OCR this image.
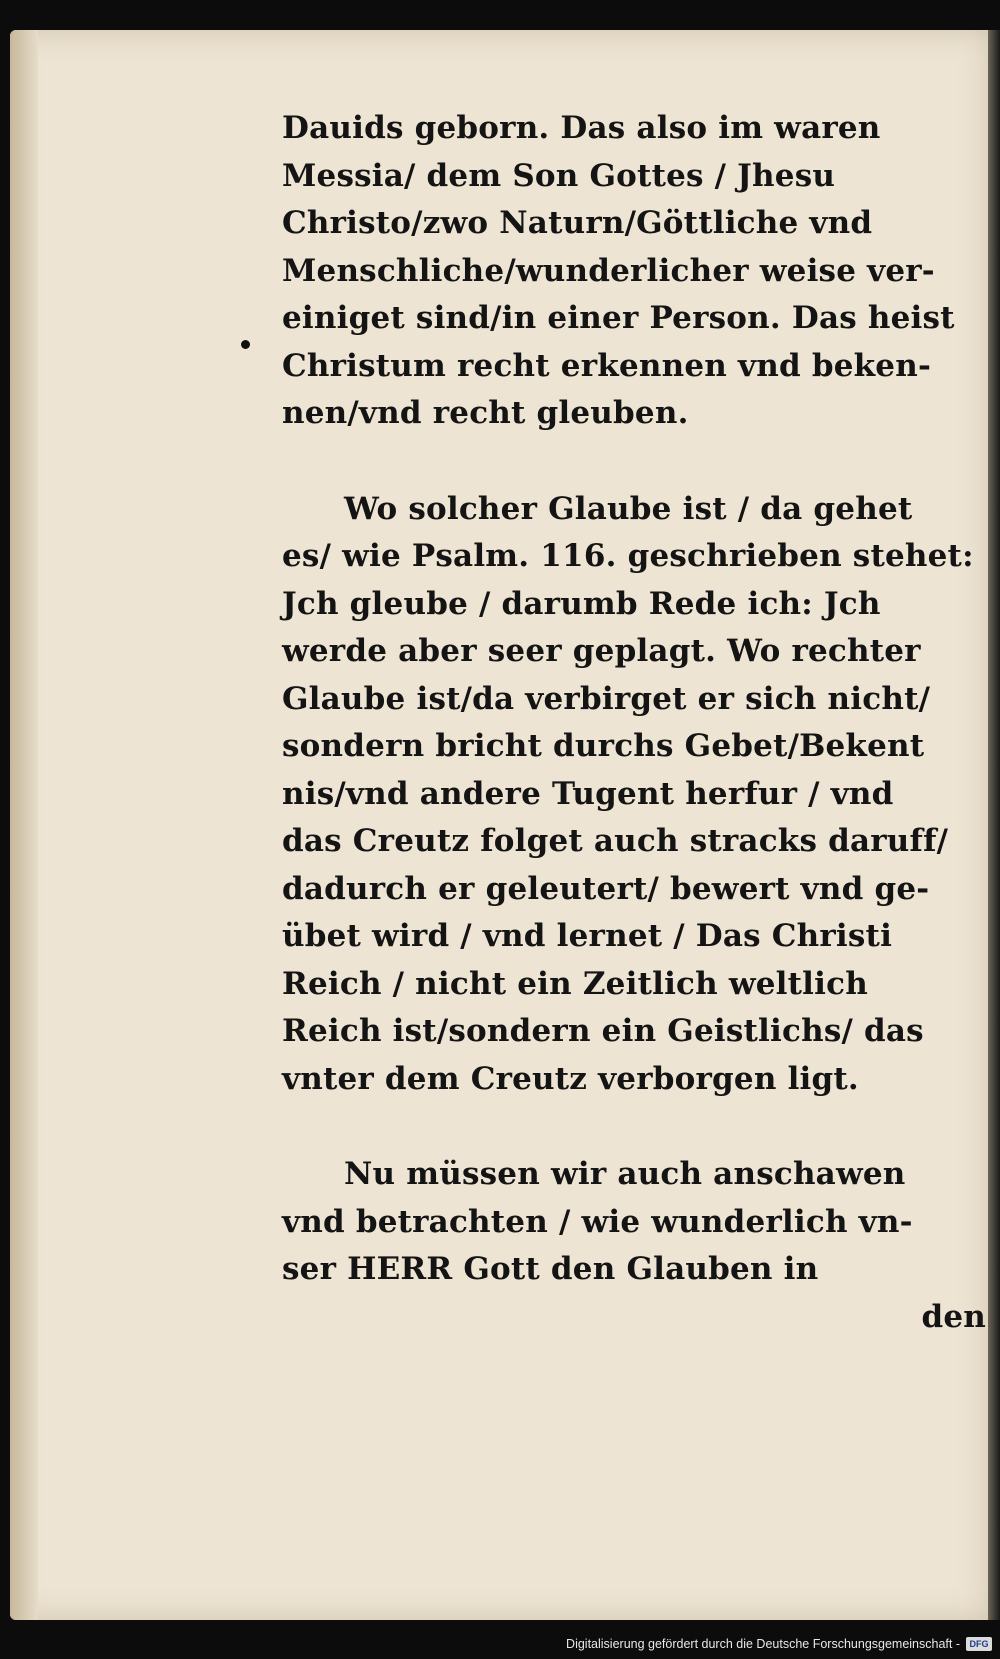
Dauids geborn. Das also im waren
Messia/ dem Son Gottes / Jhesu
Christo/zwo Naturn/Göttliche vnd
Menschliche/wunderlicher weise ver-
einiget sind/in einer Person. Das heist
Christum recht erkennen vnd beken-
nen/vnd recht gleuben.
Wo solcher Glaube ist / da gehet
es/ wie Psalm. 116. geschrieben stehet:
Jch gleube / darumb Rede ich: Jch
werde aber seer geplagt. Wo rechter
Glaube ist/da verbirget er sich nicht/
sondern bricht durchs Gebet/Bekent
nis/vnd andere Tugent herfur / vnd
das Creutz folget auch stracks daruff/
dadurch er geleutert/ bewert vnd ge-
übet wird / vnd lernet / Das Christi
Reich / nicht ein Zeitlich weltlich
Reich ist/sondern ein Geistlichs/ das
vnter dem Creutz verborgen ligt.
Nu müssen wir auch anschawen
vnd betrachten / wie wunderlich vn-
ser HERR Gott den Glauben in
den
Digitalisierung gefördert durch die Deutsche Forschungsgemeinschaft -	DFG
